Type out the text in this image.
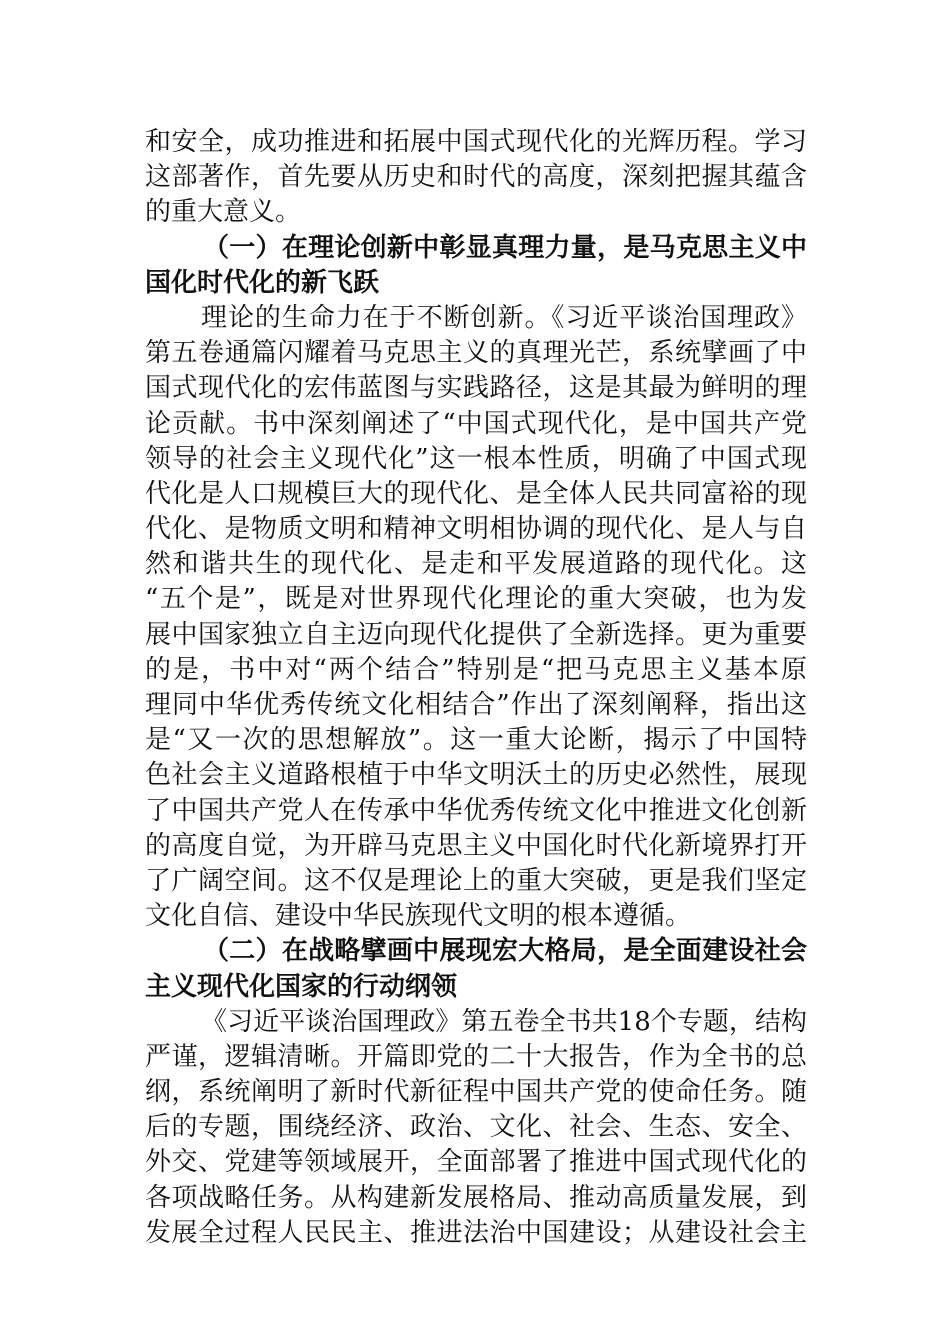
和安全，成功推进和拓展中国式现代化的光辉历程。学习
这部著作，首先要从历史和时代的高度，深刻把握其蕴含
的重大意义。
（一）在理论创新中彰显真理力量，是马克思主义中
国化时代化的新飞跃
理论的生命力在于不断创新。《习近平谈治国理政》
第五卷通篇闪耀着马克思主义的真理光芒，系统擘画了中
国式现代化的宏伟蓝图与实践路径，这是其最为鲜明的理
论贡献。书中深刻阐述了“中国式现代化，是中国共产党
领导的社会主义现代化”这一根本性质，明确了中国式现
代化是人口规模巨大的现代化、是全体人民共同富裕的现
代化、是物质文明和精神文明相协调的现代化、是人与自
然和谐共生的现代化、是走和平发展道路的现代化。这
“五个是”，既是对世界现代化理论的重大突破，也为发
展中国家独立自主迈向现代化提供了全新选择。更为重要
的是，书中对“两个结合”特别是“把马克思主义基本原
理同中华优秀传统文化相结合”作出了深刻阐释，指出这
是“又一次的思想解放”。这一重大论断，揭示了中国特
色社会主义道路根植于中华文明沃土的历史必然性，展现
了中国共产党人在传承中华优秀传统文化中推进文化创新
的高度自觉，为开辟马克思主义中国化时代化新境界打开
了广阔空间。这不仅是理论上的重大突破，更是我们坚定
文化自信、建设中华民族现代文明的根本遵循。
（二）在战略擘画中展现宏大格局，是全面建设社会
主义现代化国家的行动纲领
《习近平谈治国理政》第五卷全书共18个专题，结构
严谨，逻辑清晰。开篇即党的二十大报告，作为全书的总
纲，系统阐明了新时代新征程中国共产党的使命任务。随
后的专题，围绕经济、政治、文化、社会、生态、安全、
外交、党建等领域展开，全面部署了推进中国式现代化的
各项战略任务。从构建新发展格局、推动高质量发展，到
发展全过程人民民主、推进法治中国建设；从建设社会主
